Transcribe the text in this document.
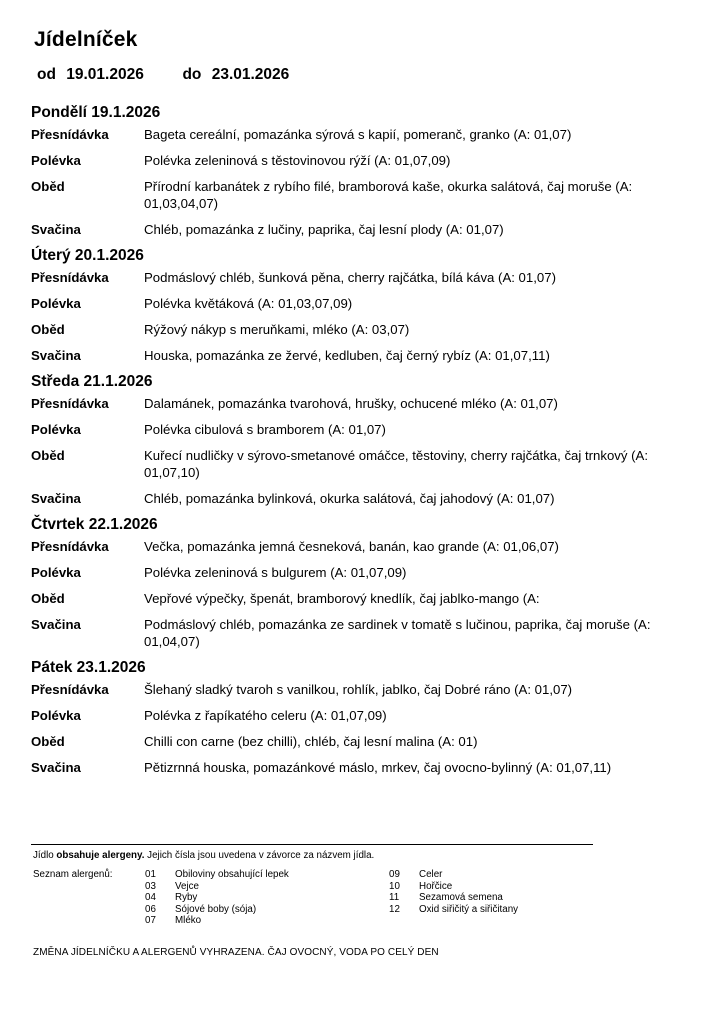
Jídelníček
od 19.01.2026 do 23.01.2026
Pondělí 19.1.2026
Přesnídávka	Bageta cereální, pomazánka sýrová s kapií, pomeranč, granko (A: 01,07)
Polévka	Polévka zeleninová s těstovinovou rýží (A: 01,07,09)
Oběd	Přírodní karbanátek z rybího filé, bramborová kaše, okurka salátová, čaj moruše (A: 01,03,04,07)
Svačina	Chléb, pomazánka z lučiny, paprika, čaj lesní plody (A: 01,07)
Úterý 20.1.2026
Přesnídávka	Podmáslový chléb, šunková pěna, cherry rajčátka, bílá káva (A: 01,07)
Polévka	Polévka květáková (A: 01,03,07,09)
Oběd	Rýžový nákyp s meruňkami, mléko (A: 03,07)
Svačina	Houska, pomazánka ze žervé, kedluben, čaj černý rybíz (A: 01,07,11)
Středa 21.1.2026
Přesnídávka	Dalamánek, pomazánka tvarohová, hrušky, ochucené mléko (A: 01,07)
Polévka	Polévka cibulová s bramborem (A: 01,07)
Oběd	Kuřecí nudličky v sýrovo-smetanové omáčce, těstoviny, cherry rajčátka, čaj trnkový (A: 01,07,10)
Svačina	Chléb, pomazánka bylinková, okurka salátová, čaj jahodový (A: 01,07)
Čtvrtek 22.1.2026
Přesnídávka	Večka, pomazánka jemná česneková, banán, kao grande (A: 01,06,07)
Polévka	Polévka zeleninová s bulgurem (A: 01,07,09)
Oběd	Vepřové výpečky, špenát, bramborový knedlík, čaj jablko-mango (A:
Svačina	Podmáslový chléb, pomazánka ze sardinek v tomatě s lučinou, paprika, čaj moruše (A: 01,04,07)
Pátek 23.1.2026
Přesnídávka	Šlehaný sladký tvaroh s vanilkou, rohlík, jablko, čaj Dobré ráno (A: 01,07)
Polévka	Polévka z řapíkatého celeru (A: 01,07,09)
Oběd	Chilli con carne (bez chilli), chléb, čaj lesní malina (A: 01)
Svačina	Pětizrnná houska, pomazánkové máslo, mrkev, čaj ovocno-bylinný (A: 01,07,11)
Jídlo obsahuje alergeny. Jejich čísla jsou uvedena v závorce za názvem jídla.
Seznam alergenů:	01	Obiloviny obsahující lepek
03	Vejce
04	Ryby
06	Sójové boby (sója)
07	Mléko
09	Celer
10	Hořčice
11	Sezamová semena
12	Oxid siřičitý a siřičitany
ZMĚNA JÍDELNÍČKU A ALERGENŮ VYHRAZENA. ČAJ OVOCNÝ, VODA PO CELÝ DEN
